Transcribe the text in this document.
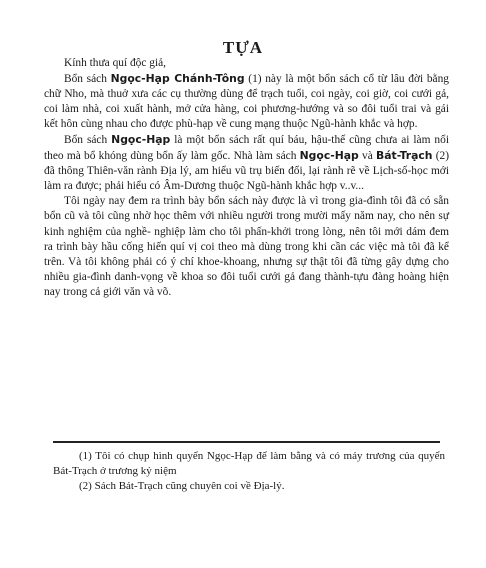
TỰA

Kính thưa quí độc giả,

Bổn sách Ngọc-Hạp Chánh-Tông (1) này là một bổn sách cổ từ lâu đời bằng chữ Nho, mà thuở xưa các cụ thường dùng để trạch tuổi, coi ngày, coi giờ, coi cưới gả, coi làm nhà, coi xuất hành, mở cửa hàng, coi phương-hướng và so đôi tuổi trai và gái kết hôn cùng nhau cho được phù-hạp về cung mạng thuộc Ngũ-hành khắc và hợp.

Bổn sách Ngọc-Hạp là một bổn sách rất quí báu, hậu-thế cũng chưa ai làm nổi theo mà bổ khóng dùng bổn ấy làm gốc. Nhà làm sách Ngọc-Hạp và Bát-Trạch (2) đã thông Thiên-văn rành Địa lý, am hiểu vũ trụ biến đổi, lại rành rẽ về Lịch-số-học mới làm ra được; phải hiểu có Âm-Dương thuộc Ngũ-hành khắc hợp v..v...

Tôi ngày nay đem ra trình bày bổn sách này được là vì trong gia-đình tôi đã có sẵn bổn cũ và tôi cũng nhờ học thêm với nhiều người trong mười mấy năm nay, cho nên sự kinh nghiệm của nghề- nghiệp làm cho tôi phấn-khởi trong lòng, nên tôi mới dám đem ra trình bày hầu cống hiến quí vị coi theo mà dùng trong khi cần các việc mà tôi đã kể trên. Và tôi không phải có ý chí khoe-khoang, nhưng sự thật tôi đã từng gây dựng cho nhiều gia-đình danh-vọng về khoa so đôi tuổi cưới gả đang thành-tựu đàng hoàng hiện nay trong cả giới văn và võ.

(1) Tôi có chụp hình quyển Ngọc-Hạp để làm bằng và có máy trương của quyển Bát-Trạch ở trương kỷ niệm

(2) Sách Bát-Trạch cũng chuyên coi về Địa-lý.
